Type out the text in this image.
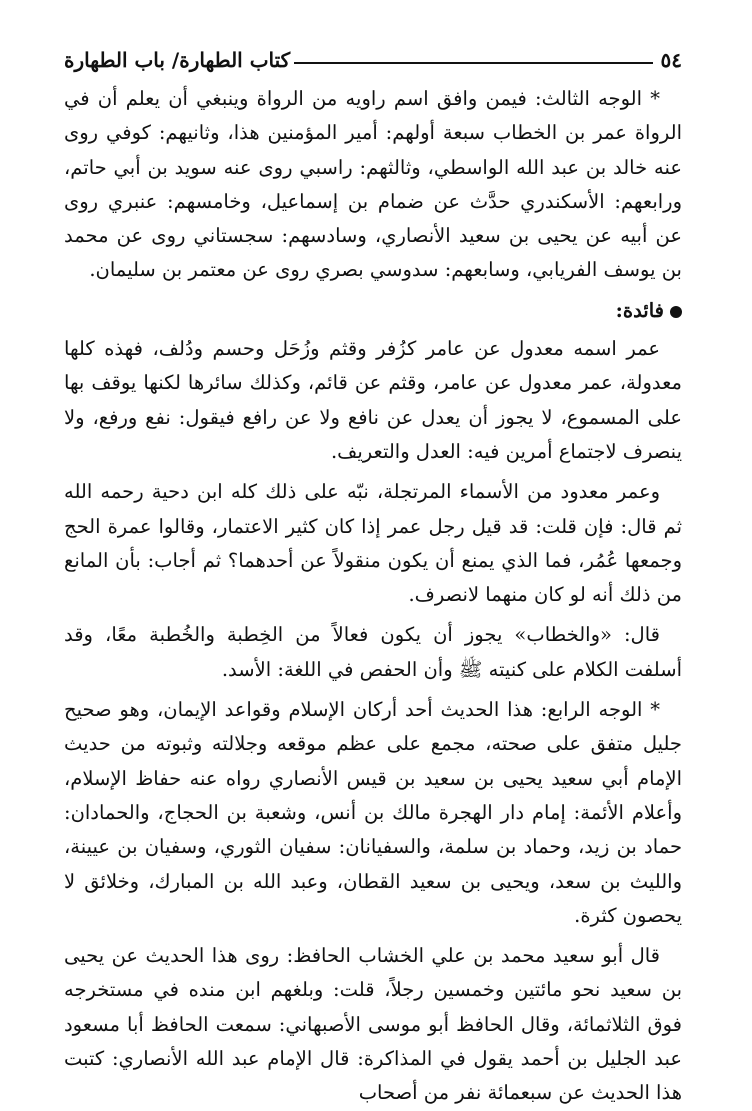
٥٤
كتاب الطهارة/ باب الطهارة

* الوجه الثالث: فيمن وافق اسم راويه من الرواة وينبغي أن يعلم أن في الرواة عمر بن الخطاب سبعة أولهم: أمير المؤمنين هذا، وثانيهم: كوفي روى عنه خالد بن عبد الله الواسطي، وثالثهم: راسبي روى عنه سويد بن أبي حاتم، ورابعهم: الأسكندري حدَّث عن ضمام بن إسماعيل، وخامسهم: عنبري روى عن أبيه عن يحيى بن سعيد الأنصاري، وسادسهم: سجستاني روى عن محمد بن يوسف الفريابي، وسابعهم: سدوسي بصري روى عن معتمر بن سليمان.

فائدة:

عمر اسمه معدول عن عامر كزُفر وقثم وزُحَل وحسم ودُلف، فهذه كلها معدولة، عمر معدول عن عامر، وقثم عن قائم، وكذلك سائرها لكنها يوقف بها على المسموع، لا يجوز أن يعدل عن نافع ولا عن رافع فيقول: نفع ورفع، ولا ينصرف لاجتماع أمرين فيه: العدل والتعريف.

وعمر معدود من الأسماء المرتجلة، نبّه على ذلك كله ابن دحية رحمه الله ثم قال: فإن قلت: قد قيل رجل عمر إذا كان كثير الاعتمار، وقالوا عمرة الحج وجمعها عُمُر، فما الذي يمنع أن يكون منقولاً عن أحدهما؟ ثم أجاب: بأن المانع من ذلك أنه لو كان منهما لانصرف.

قال: «والخطاب» يجوز أن يكون فعالاً من الخِطبة والخُطبة معًا، وقد أسلفت الكلام على كنيته ﷺ وأن الحفص في اللغة: الأسد.

* الوجه الرابع: هذا الحديث أحد أركان الإسلام وقواعد الإيمان، وهو صحيح جليل متفق على صحته، مجمع على عظم موقعه وجلالته وثبوته من حديث الإمام أبي سعيد يحيى بن سعيد بن قيس الأنصاري رواه عنه حفاظ الإسلام، وأعلام الأئمة: إمام دار الهجرة مالك بن أنس، وشعبة بن الحجاج، والحمادان: حماد بن زيد، وحماد بن سلمة، والسفيانان: سفيان الثوري، وسفيان بن عيينة، والليث بن سعد، ويحيى بن سعيد القطان، وعبد الله بن المبارك، وخلائق لا يحصون كثرة.

قال أبو سعيد محمد بن علي الخشاب الحافظ: روى هذا الحديث عن يحيى بن سعيد نحو مائتين وخمسين رجلاً، قلت: وبلغهم ابن منده في مستخرجه فوق الثلاثمائة، وقال الحافظ أبو موسى الأصبهاني: سمعت الحافظ أبا مسعود عبد الجليل بن أحمد يقول في المذاكرة: قال الإمام عبد الله الأنصاري: كتبت هذا الحديث عن سبعمائة نفر من أصحاب
